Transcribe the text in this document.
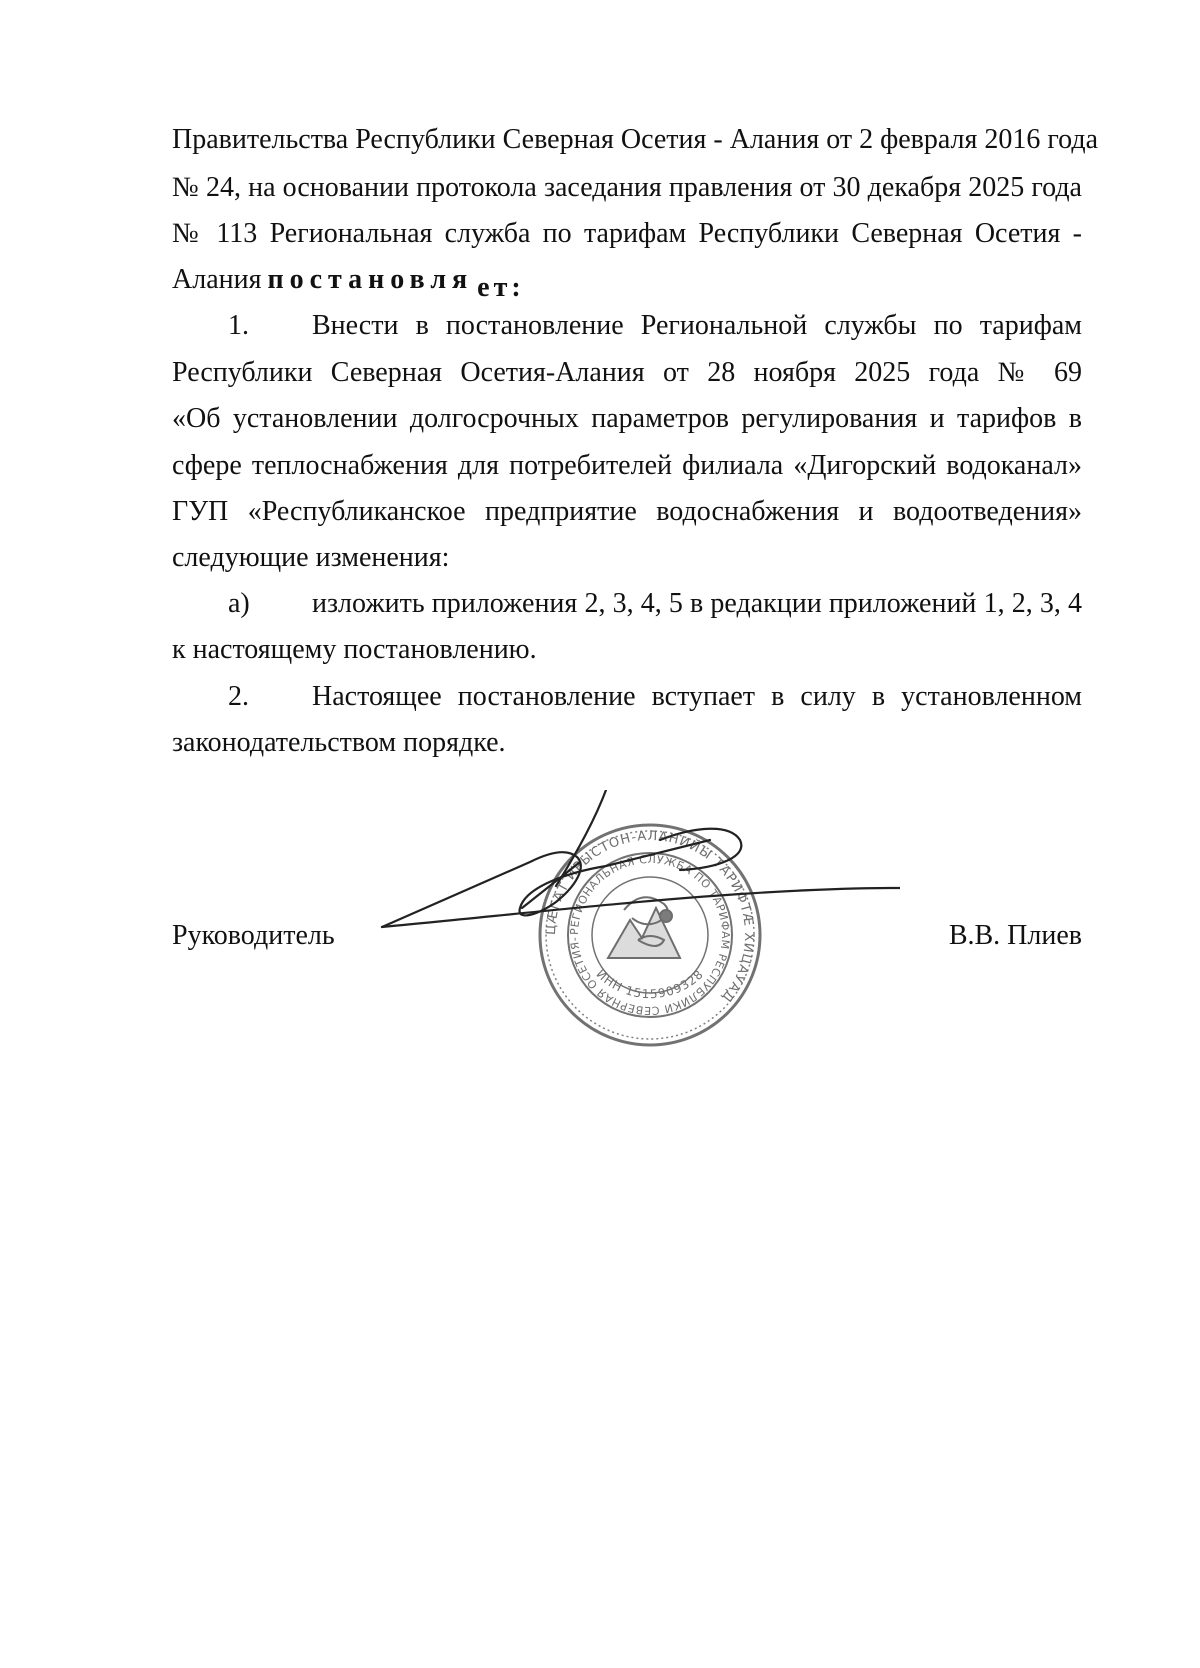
Правительства Республики Северная Осетия - Алания от 2 февраля 2016 года
№ 24, на основании протокола заседания правления от 30 декабря 2025 года
№ 113 Региональная служба по тарифам Республики Северная Осетия -
Алания постановля ет:
1. Внести в постановление Региональной службы по тарифам
Республики Северная Осетия-Алания от 28 ноября 2025 года № 69
«Об установлении долгосрочных параметров регулирования и тарифов в
сфере теплоснабжения для потребителей филиала «Дигорский водоканал»
ГУП «Республиканское предприятие водоснабжения и водоотведения»
следующие изменения:
а) изложить приложения 2, 3, 4, 5 в редакции приложений 1, 2, 3, 4
к настоящему постановлению.
2. Настоящее постановление вступает в силу в установленном
законодательством порядке.
ЦÆГАТ ИРЫСТОН-АЛАНИЙЫ ТАРИФТÆ ХИЦАУАД
РЕГИОНАЛЬНАЯ СЛУЖБА ПО ТАРИФАМ РЕСПУБЛИКИ СЕВЕРНАЯ ОСЕТИЯ-
ИНН 1515909328
Руководитель	В.В. Плиев
